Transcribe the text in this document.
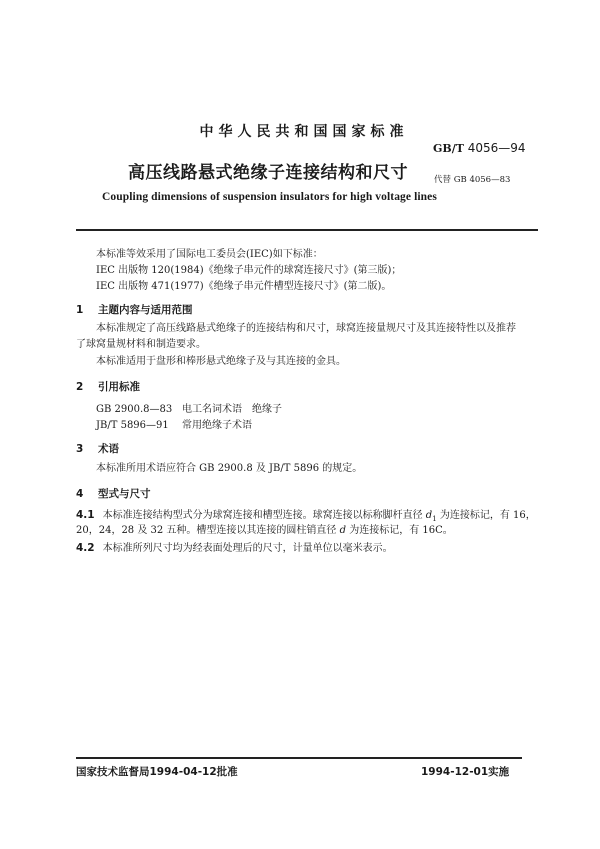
中华人民共和国国家标准
GB/T 4056—94
高压线路悬式绝缘子连接结构和尺寸	代替 GB 4056—83
Coupling dimensions of suspension insulators for high voltage lines
本标准等效采用了国际电工委员会(IEC)如下标准：
IEC 出版物 120(1984)《绝缘子串元件的球窝连接尺寸》(第三版)；
IEC 出版物 471(1977)《绝缘子串元件槽型连接尺寸》(第二版)。
1 主题内容与适用范围
本标准规定了高压线路悬式绝缘子的连接结构和尺寸，球窝连接量规尺寸及其连接特性以及推荐
了球窝量规材料和制造要求。
本标准适用于盘形和棒形悬式绝缘子及与其连接的金具。
2 引用标准
GB 2900.8—83 电工名词术语　绝缘子
JB/T 5896—91 常用绝缘子术语
3 术语
本标准所用术语应符合 GB 2900.8 及 JB/T 5896 的规定。
4 型式与尺寸
4.1 本标准连接结构型式分为球窝连接和槽型连接。球窝连接以标称脚杆直径 $d_1$ 为连接标记，有 16，
20，24，28 及 32 五种。槽型连接以其连接的圆柱销直径 d 为连接标记，有 16C。
4.2 本标准所列尺寸均为经表面处理后的尺寸，计量单位以毫米表示。
国家技术监督局1994-04-12批准	1994-12-01实施
